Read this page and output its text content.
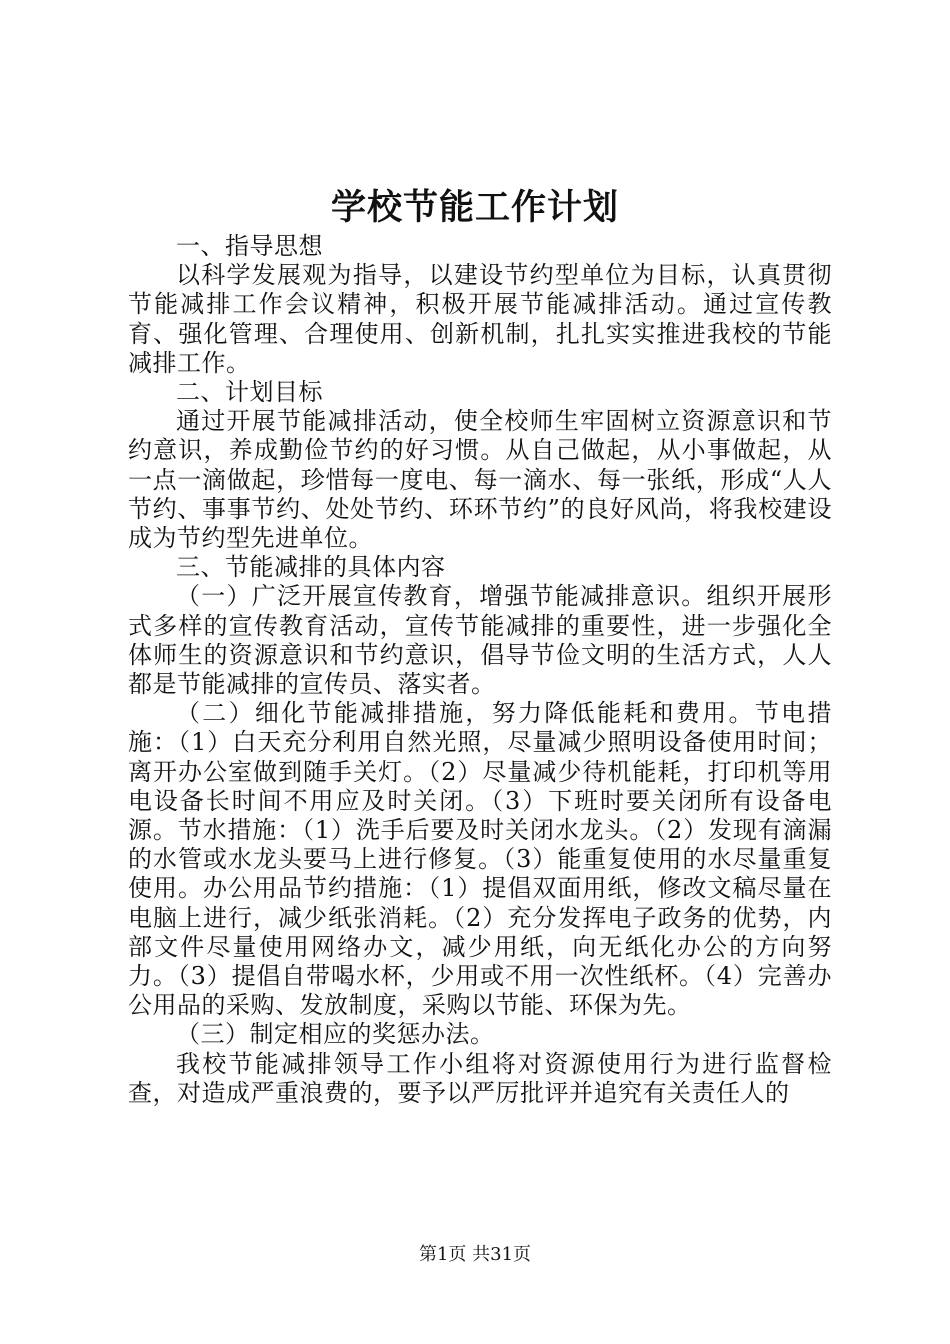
学校节能工作计划

一、指导思想

以科学发展观为指导，以建设节约型单位为目标，认真贯彻节能减排工作会议精神，积极开展节能减排活动。通过宣传教育、强化管理、合理使用、创新机制，扎扎实实推进我校的节能减排工作。

二、计划目标

通过开展节能减排活动，使全校师生牢固树立资源意识和节约意识，养成勤俭节约的好习惯。从自己做起，从小事做起，从一点一滴做起，珍惜每一度电、每一滴水、每一张纸，形成“人人节约、事事节约、处处节约、环环节约”的良好风尚，将我校建设成为节约型先进单位。

三、节能减排的具体内容

（一）广泛开展宣传教育，增强节能减排意识。组织开展形式多样的宣传教育活动，宣传节能减排的重要性，进一步强化全体师生的资源意识和节约意识，倡导节俭文明的生活方式，人人都是节能减排的宣传员、落实者。

（二）细化节能减排措施，努力降低能耗和费用。节电措施：（1）白天充分利用自然光照，尽量减少照明设备使用时间；离开办公室做到随手关灯。（2）尽量减少待机能耗，打印机等用电设备长时间不用应及时关闭。（3）下班时要关闭所有设备电源。节水措施：（1）洗手后要及时关闭水龙头。（2）发现有滴漏的水管或水龙头要马上进行修复。（3）能重复使用的水尽量重复使用。办公用品节约措施：（1）提倡双面用纸，修改文稿尽量在电脑上进行，减少纸张消耗。（2）充分发挥电子政务的优势，内部文件尽量使用网络办文，减少用纸，向无纸化办公的方向努力。（3）提倡自带喝水杯，少用或不用一次性纸杯。（4）完善办公用品的采购、发放制度，采购以节能、环保为先。

（三）制定相应的奖惩办法。

我校节能减排领导工作小组将对资源使用行为进行监督检查，对造成严重浪费的，要予以严厉批评并追究有关责任人的

第1页 共31页
